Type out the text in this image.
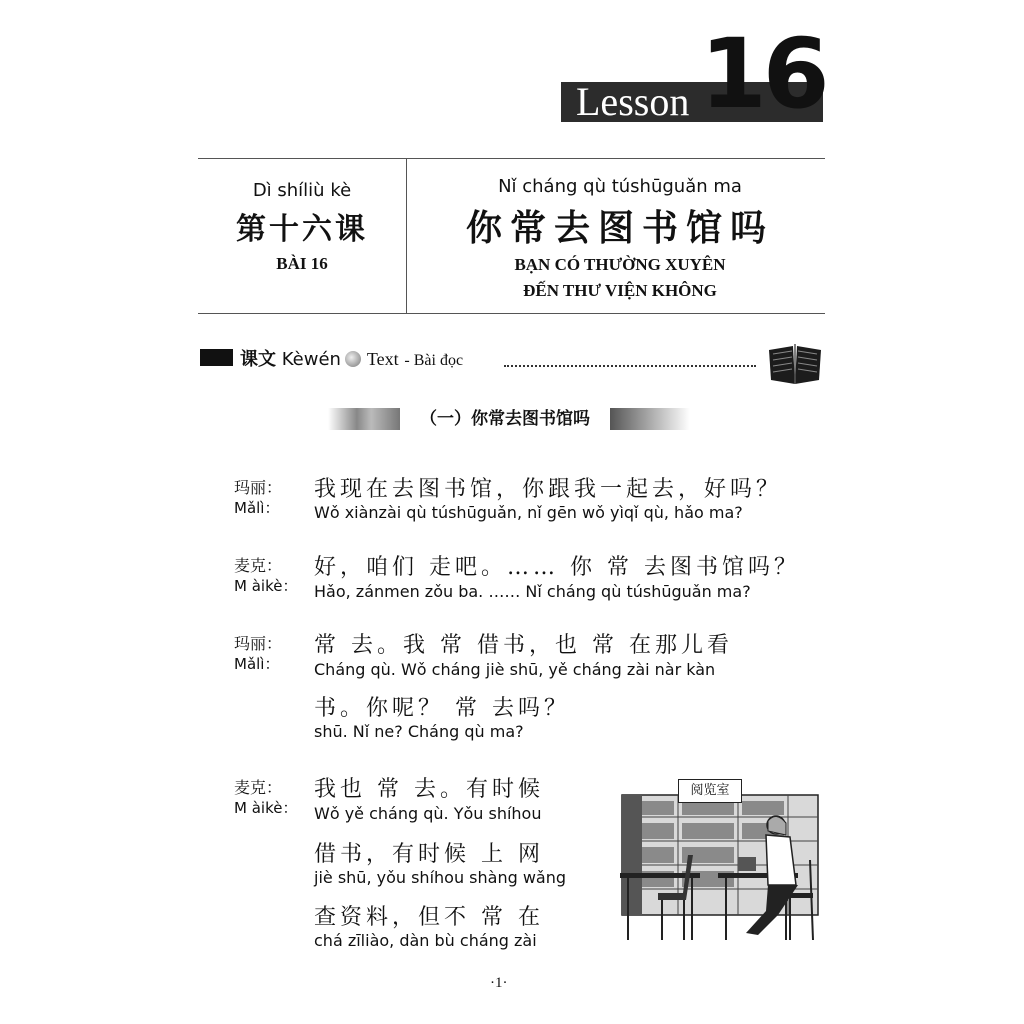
Lesson 16
Dì shíliù kè
第十六课
BÀI 16
Nǐ cháng qù túshūguǎn ma
你常去图书馆吗
BẠN CÓ THƯỜNG XUYÊN
ĐẾN THƯ VIỆN KHÔNG
课文 Kèwén Text - Bài đọc
（一）你常去图书馆吗
玛丽：
Mǎlì：
我现在去图书馆，你跟我一起去，好吗？
Wǒ xiànzài qù túshūguǎn, nǐ gēn wǒ yìqǐ qù, hǎo ma?
麦克：
M àikè：
好，咱们 走吧。…… 你 常 去图书馆吗？
Hǎo, zánmen zǒu ba. …… Nǐ cháng qù túshūguǎn ma?
玛丽：
Mǎlì：
常 去。我 常 借书，也 常 在那儿看
Cháng qù. Wǒ cháng jiè shū, yě cháng zài nàr kàn
书。你呢？ 常 去吗？
shū. Nǐ ne? Cháng qù ma?
麦克：
M àikè：
我也 常 去。有时候
Wǒ yě cháng qù. Yǒu shíhou
借书，有时候 上 网
jiè shū, yǒu shíhou shàng wǎng
查资料，但不 常 在
chá zīliào, dàn bù cháng zài
阅览室
·1·
